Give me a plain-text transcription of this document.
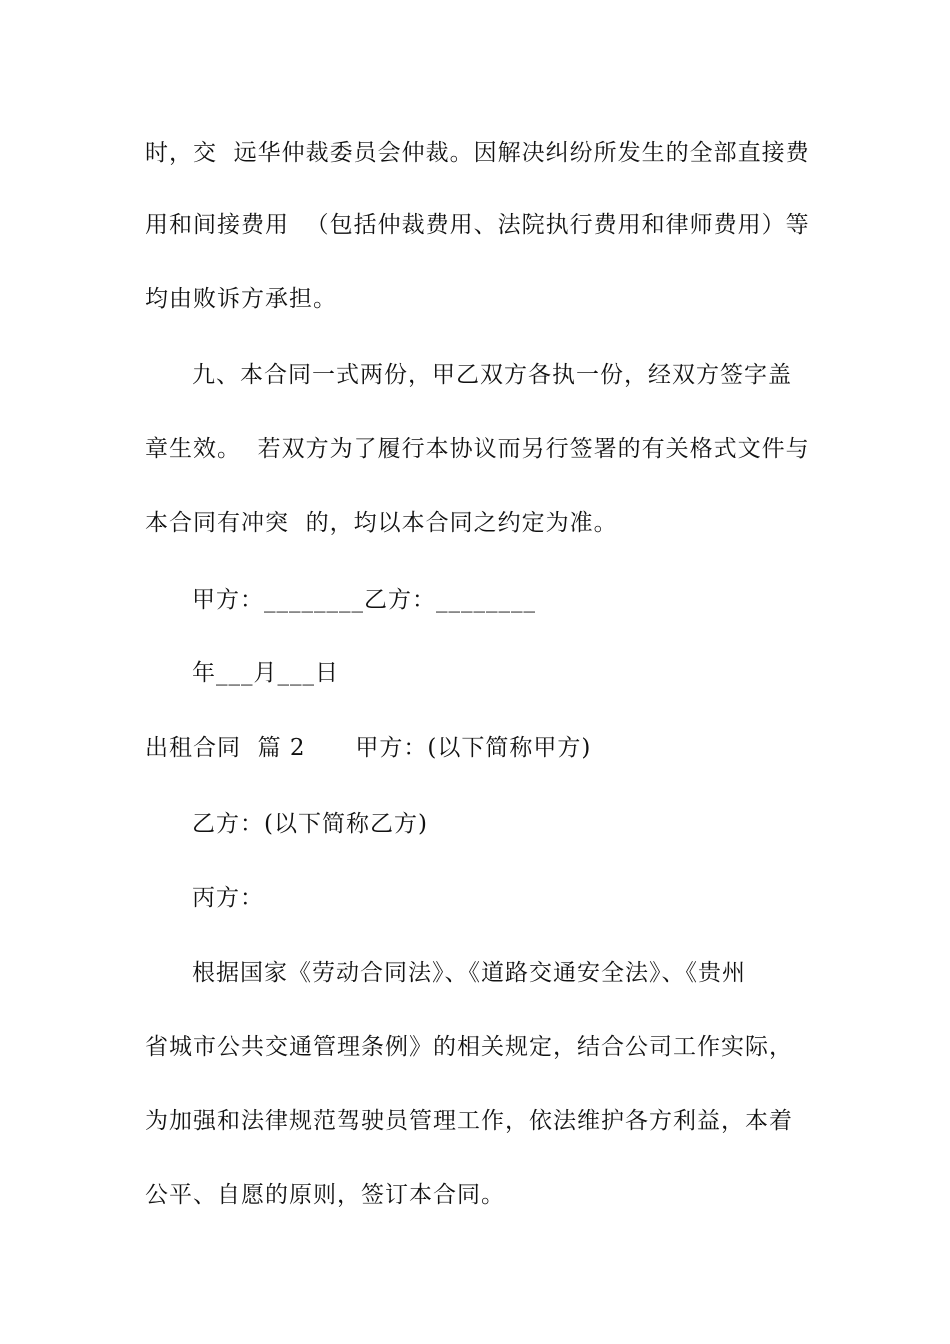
时，交  远华仲裁委员会仲裁。因解决纠纷所发生的全部直接费
用和间接费用  （包括仲裁费用、法院执行费用和律师费用）等
均由败诉方承担。
九、本合同一式两份，甲乙双方各执一份，经双方签字盖
章生效。  若双方为了履行本协议而另行签署的有关格式文件与
本合同有冲突  的，均以本合同之约定为准。
甲方：________乙方：________
年___月___日
出租合同  篇 2      甲方：(以下简称甲方)
乙方：(以下简称乙方)
丙方：
根据国家《劳动合同法》、《道路交通安全法》、《贵州
省城市公共交通管理条例》的相关规定，结合公司工作实际，
为加强和法律规范驾驶员管理工作，依法维护各方利益，本着
公平、自愿的原则，签订本合同。
